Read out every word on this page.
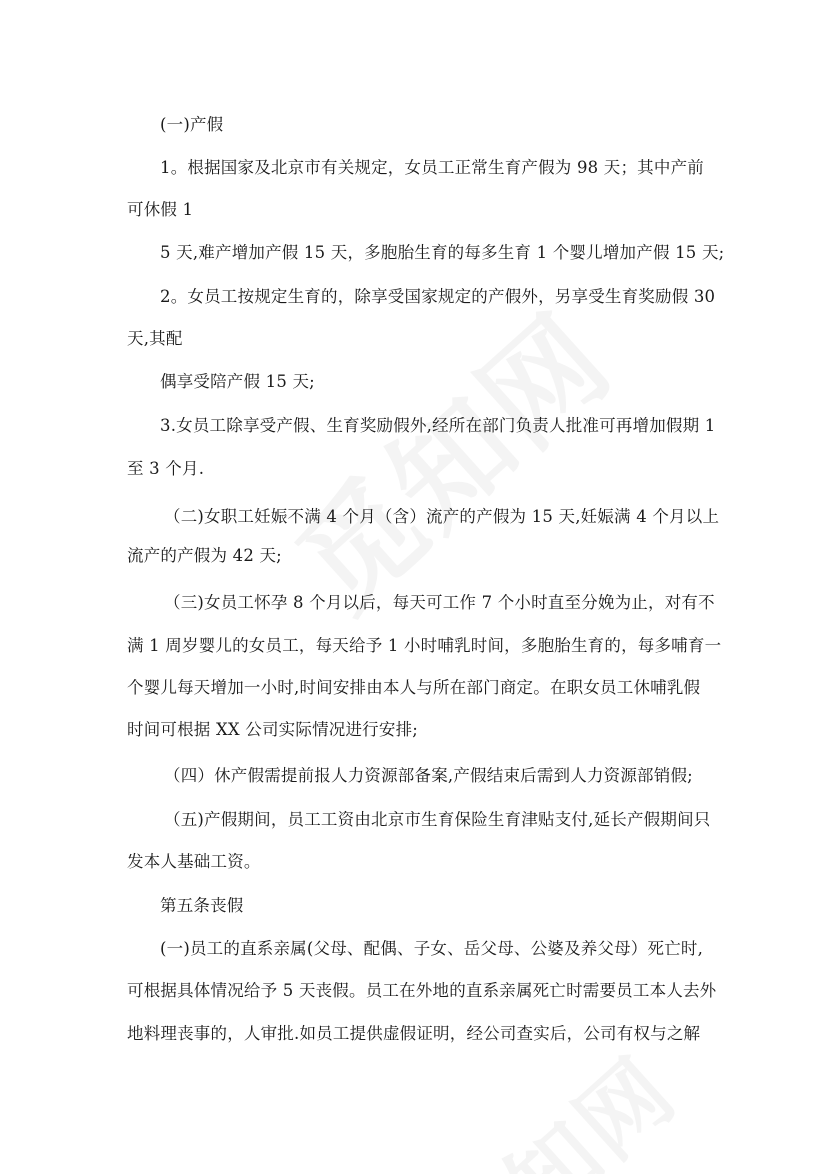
(一)产假
1。根据国家及北京市有关规定，女员工正常生育产假为 98 天；其中产前
可休假 1
5 天,难产增加产假 15 天，多胞胎生育的每多生育 1 个婴儿增加产假 15 天;
2。女员工按规定生育的，除享受国家规定的产假外，另享受生育奖励假 30
天,其配
偶享受陪产假 15 天;
3.女员工除享受产假、生育奖励假外,经所在部门负责人批准可再增加假期 1
至 3 个月.
（二)女职工妊娠不满 4 个月（含）流产的产假为 15 天,妊娠满 4 个月以上
流产的产假为 42 天;
（三)女员工怀孕 8 个月以后，每天可工作 7 个小时直至分娩为止，对有不
满 1 周岁婴儿的女员工，每天给予 1 小时哺乳时间，多胞胎生育的，每多哺育一
个婴儿每天增加一小时,时间安排由本人与所在部门商定。在职女员工休哺乳假
时间可根据 XX 公司实际情况进行安排;
（四）休产假需提前报人力资源部备案,产假结束后需到人力资源部销假;
（五)产假期间，员工工资由北京市生育保险生育津贴支付,延长产假期间只
发本人基础工资。
第五条丧假
(一)员工的直系亲属(父母、配偶、子女、岳父母、公婆及养父母）死亡时,
可根据具体情况给予 5 天丧假。员工在外地的直系亲属死亡时需要员工本人去外
地料理丧事的，人审批.如员工提供虚假证明，经公司查实后，公司有权与之解
